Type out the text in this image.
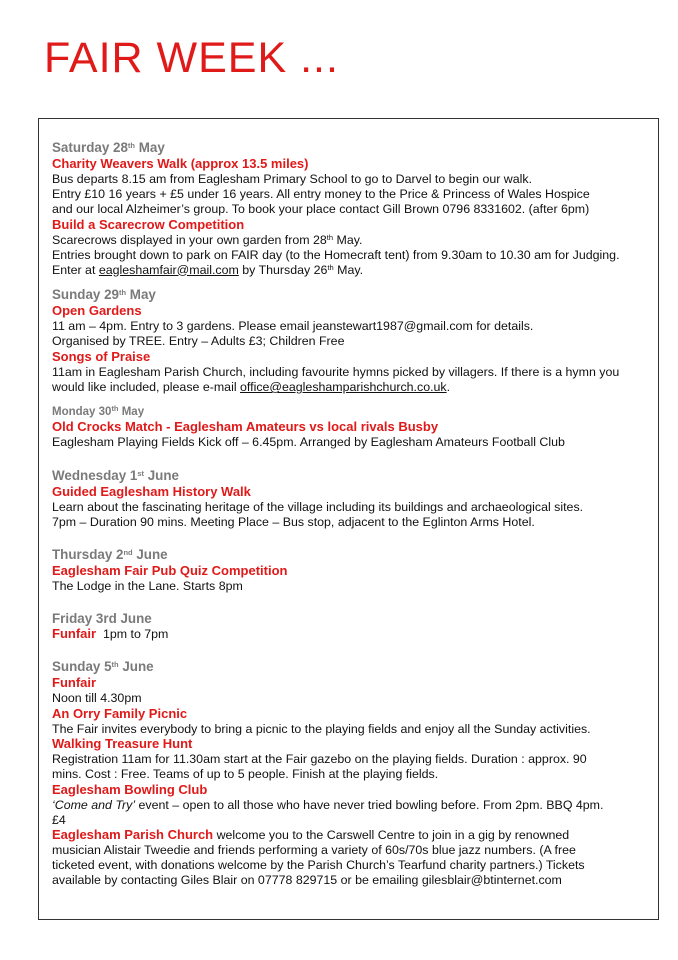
FAIR WEEK ...
Saturday 28th May
Charity Weavers Walk (approx 13.5 miles)
Bus departs 8.15 am from Eaglesham Primary School to go to Darvel to begin our walk.
Entry £10 16 years + £5 under 16 years. All entry money to the Price & Princess of Wales Hospice
and our local Alzheimer’s group. To book your place contact Gill Brown 0796 8331602. (after 6pm)
Build a Scarecrow Competition
Scarecrows displayed in your own garden from 28th May.
Entries brought down to park on FAIR day (to the Homecraft tent) from 9.30am to 10.30 am for Judging.
Enter at eagleshamfair@mail.com by Thursday 26th May.
Sunday 29th May
Open Gardens
11 am – 4pm. Entry to 3 gardens. Please email jeanstewart1987@gmail.com for details.
Organised by TREE. Entry – Adults £3; Children Free
Songs of Praise
11am in Eaglesham Parish Church, including favourite hymns picked by villagers. If there is a hymn you
would like included, please e-mail office@eagleshamparishchurch.co.uk.
Monday 30th May
Old Crocks Match - Eaglesham Amateurs vs local rivals Busby
Eaglesham Playing Fields Kick off – 6.45pm. Arranged by Eaglesham Amateurs Football Club
Wednesday 1st June
Guided Eaglesham History Walk
Learn about the fascinating heritage of the village including its buildings and archaeological sites.
7pm – Duration 90 mins. Meeting Place – Bus stop, adjacent to the Eglinton Arms Hotel.
Thursday 2nd June
Eaglesham Fair Pub Quiz Competition
The Lodge in the Lane. Starts 8pm
Friday 3rd June
Funfair 1pm to 7pm
Sunday 5th June
Funfair
Noon till 4.30pm
An Orry Family Picnic
The Fair invites everybody to bring a picnic to the playing fields and enjoy all the Sunday activities.
Walking Treasure Hunt
Registration 11am for 11.30am start at the Fair gazebo on the playing fields. Duration : approx. 90
mins. Cost : Free. Teams of up to 5 people. Finish at the playing fields.
Eaglesham Bowling Club
‘Come and Try’ event – open to all those who have never tried bowling before. From 2pm. BBQ 4pm.
£4
Eaglesham Parish Church welcome you to the Carswell Centre to join in a gig by renowned
musician Alistair Tweedie and friends performing a variety of 60s/70s blue jazz numbers. (A free
ticketed event, with donations welcome by the Parish Church’s Tearfund charity partners.) Tickets
available by contacting Giles Blair on 07778 829715 or be emailing gilesblair@btinternet.com
